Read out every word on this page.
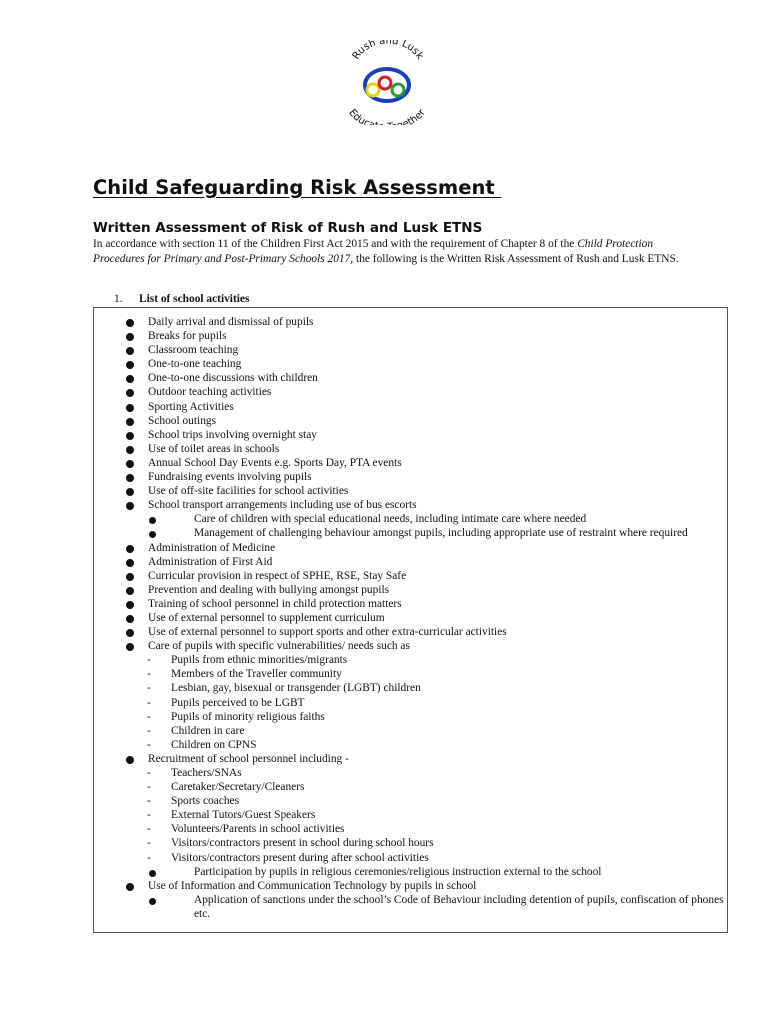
Rush and Lusk
Educ ether
Child Safeguarding Risk Assessment
Written Assessment of Risk of Rush and Lusk ETNS

In accordance with section 11 of the Children First Act 2015 and with the requirement of Chapter 8 of the Child Protection Procedures for Primary and Post-Primary Schools 2017, the following is the Written Risk Assessment of Rush and Lusk ETNS.

1. List of school activities
Daily arrival and dismissal of pupils
Breaks for pupils
Classroom teaching
One-to-one teaching
One-to-one discussions with children
Outdoor teaching activities
Sporting Activities
School outings
School trips involving overnight stay
Use of toilet areas in schools
Annual School Day Events e.g. Sports Day, PTA events
Fundraising events involving pupils
Use of off-site facilities for school activities
School transport arrangements including use of bus escorts
Care of children with special educational needs, including intimate care where needed
Management of challenging behaviour amongst pupils, including appropriate use of restraint where required
Administration of Medicine
Administration of First Aid
Curricular provision in respect of SPHE, RSE, Stay Safe
Prevention and dealing with bullying amongst pupils
Training of school personnel in child protection matters
Use of external personnel to supplement curriculum
Use of external personnel to support sports and other extra-curricular activities
Care of pupils with specific vulnerabilities/ needs such as
- Pupils from ethnic minorities/migrants
- Members of the Traveller community
- Lesbian, gay, bisexual or transgender (LGBT) children
- Pupils perceived to be LGBT
- Pupils of minority religious faiths
- Children in care
- Children on CPNS
Recruitment of school personnel including -
- Teachers/SNAs
- Caretaker/Secretary/Cleaners
- Sports coaches
- External Tutors/Guest Speakers
- Volunteers/Parents in school activities
- Visitors/contractors present in school during school hours
- Visitors/contractors present during after school activities
Participation by pupils in religious ceremonies/religious instruction external to the school
Use of Information and Communication Technology by pupils in school
Application of sanctions under the school’s Code of Behaviour including detention of pupils, confiscation of phones etc.
